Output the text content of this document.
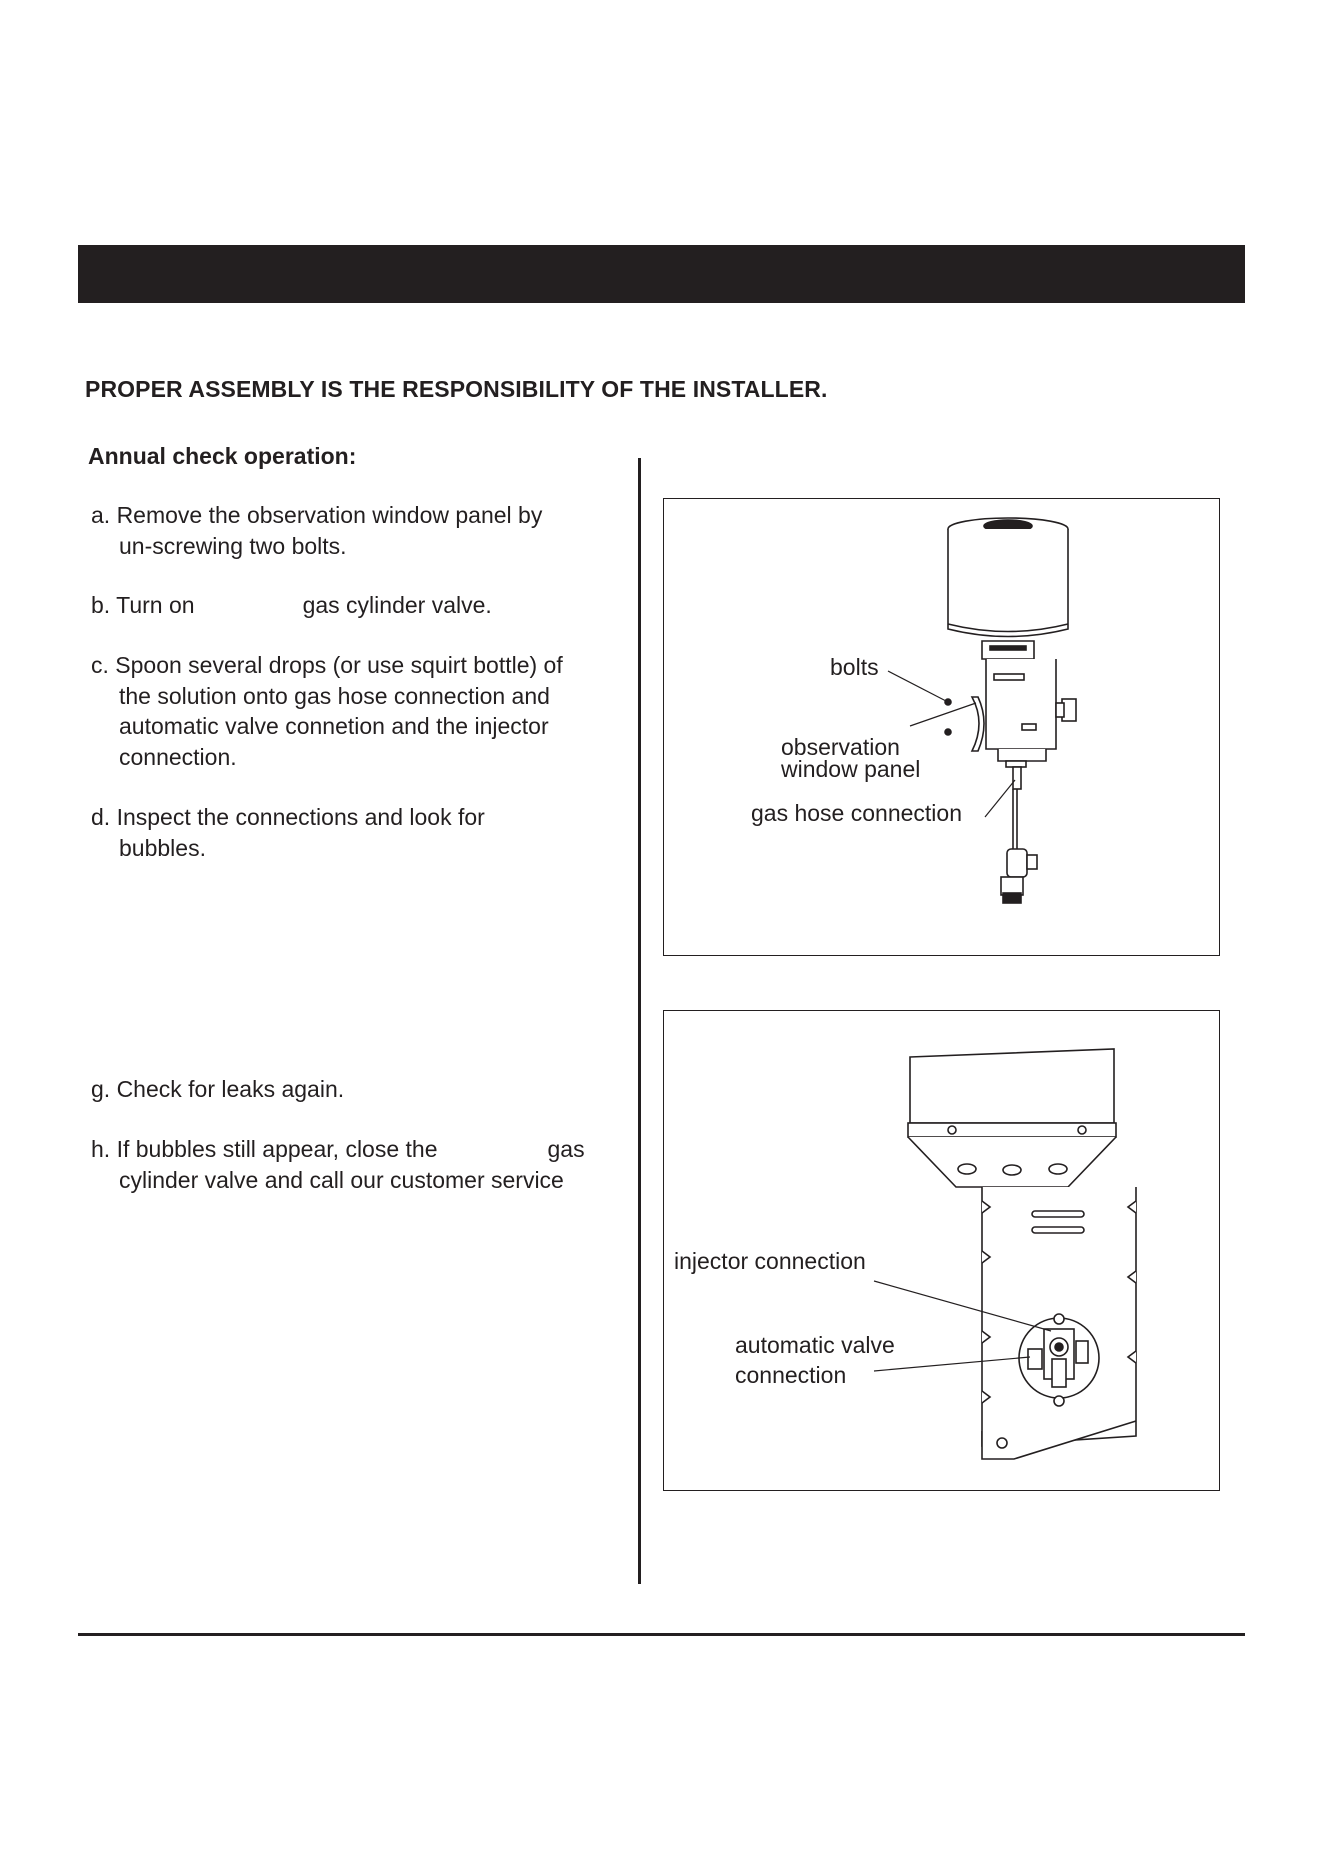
PROPER ASSEMBLY IS THE RESPONSIBILITY OF THE INSTALLER.
Annual check operation:
a. Remove the observation window panel by
un-screwing two bolts.
b. Turn on	gas cylinder valve.
c. Spoon several drops (or use squirt bottle) of
the solution onto gas hose connection and
automatic valve connetion and the injector
connection.
d. Inspect the connections and look for
bubbles.
g. Check for leaks again.
h. If bubbles still appear, close the	gas
cylinder valve and call our customer service
bolts
observation
window panel
gas hose connection
injector connection
automatic valve
connection
